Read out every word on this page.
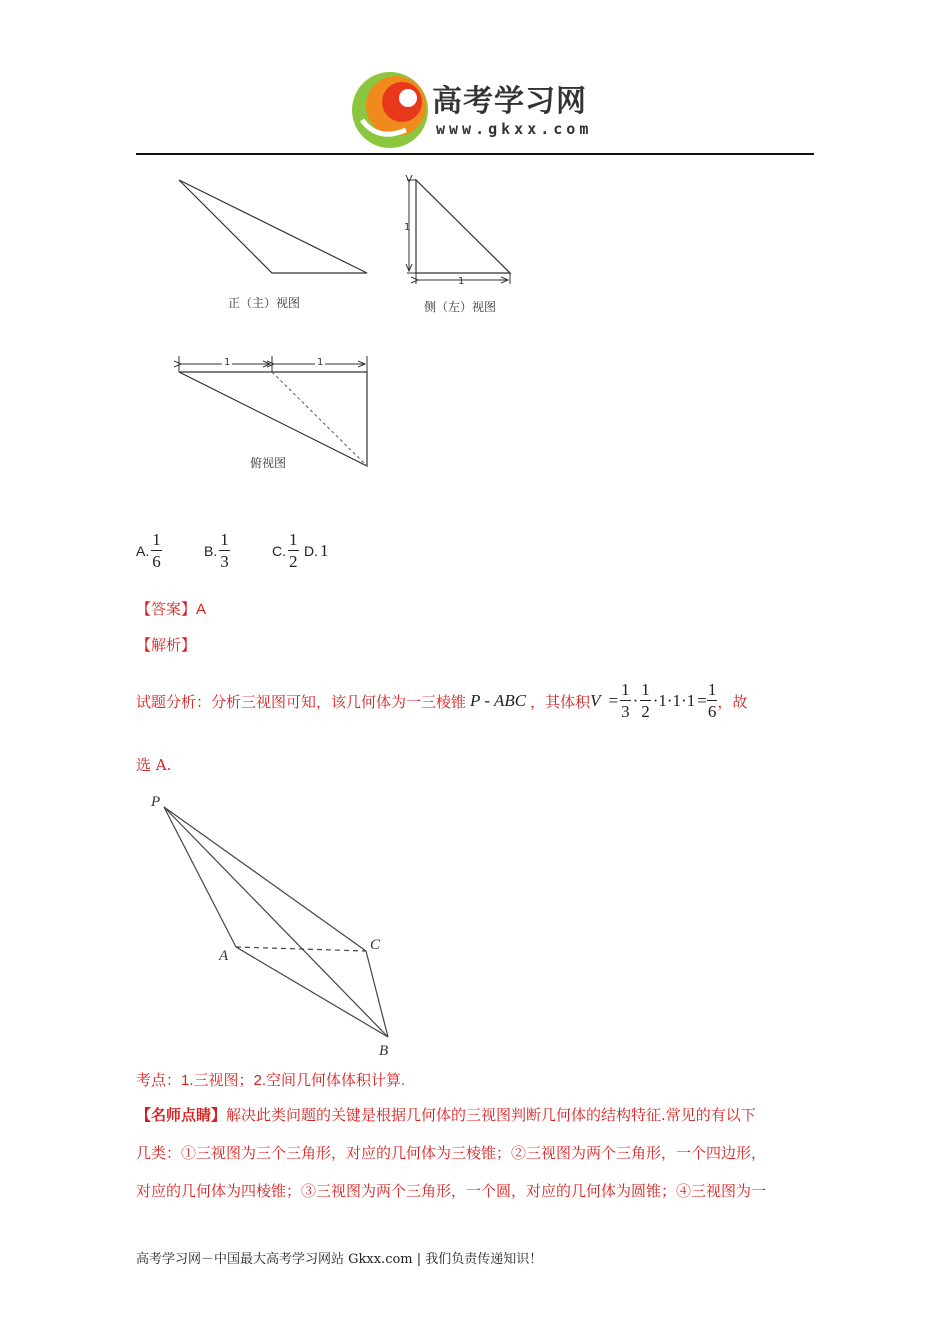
高考学习网
www.gkxx.com
1
1
1	1
正（主）视图	侧（左）视图
俯视图
A. $\frac{1}{6}$	B. $\frac{1}{3}$	C. $\frac{1}{2} D$. 1
【答案】A
【解析】
试题分析：分析三视图可知，该几何体为一三棱锥 P - ABC ，其体积 $V = \frac{1}{3} \cdot \frac{1}{2} \cdot 1\cdot 1\cdot 1 = \frac{1}{6}$ ，故
选 A.
P
A
C
B
考点：1.三视图；2.空间几何体体积计算.
【名师点睛】解决此类问题的关键是根据几何体的三视图判断几何体的结构特征.常见的有以下
几类：①三视图为三个三角形，对应的几何体为三棱锥；②三视图为两个三角形，一个四边形，
对应的几何体为四棱锥；③三视图为两个三角形，一个圆，对应的几何体为圆锥；④三视图为一
高考学习网－中国最大高考学习网站 Gkxx.com | 我们负责传递知识！
